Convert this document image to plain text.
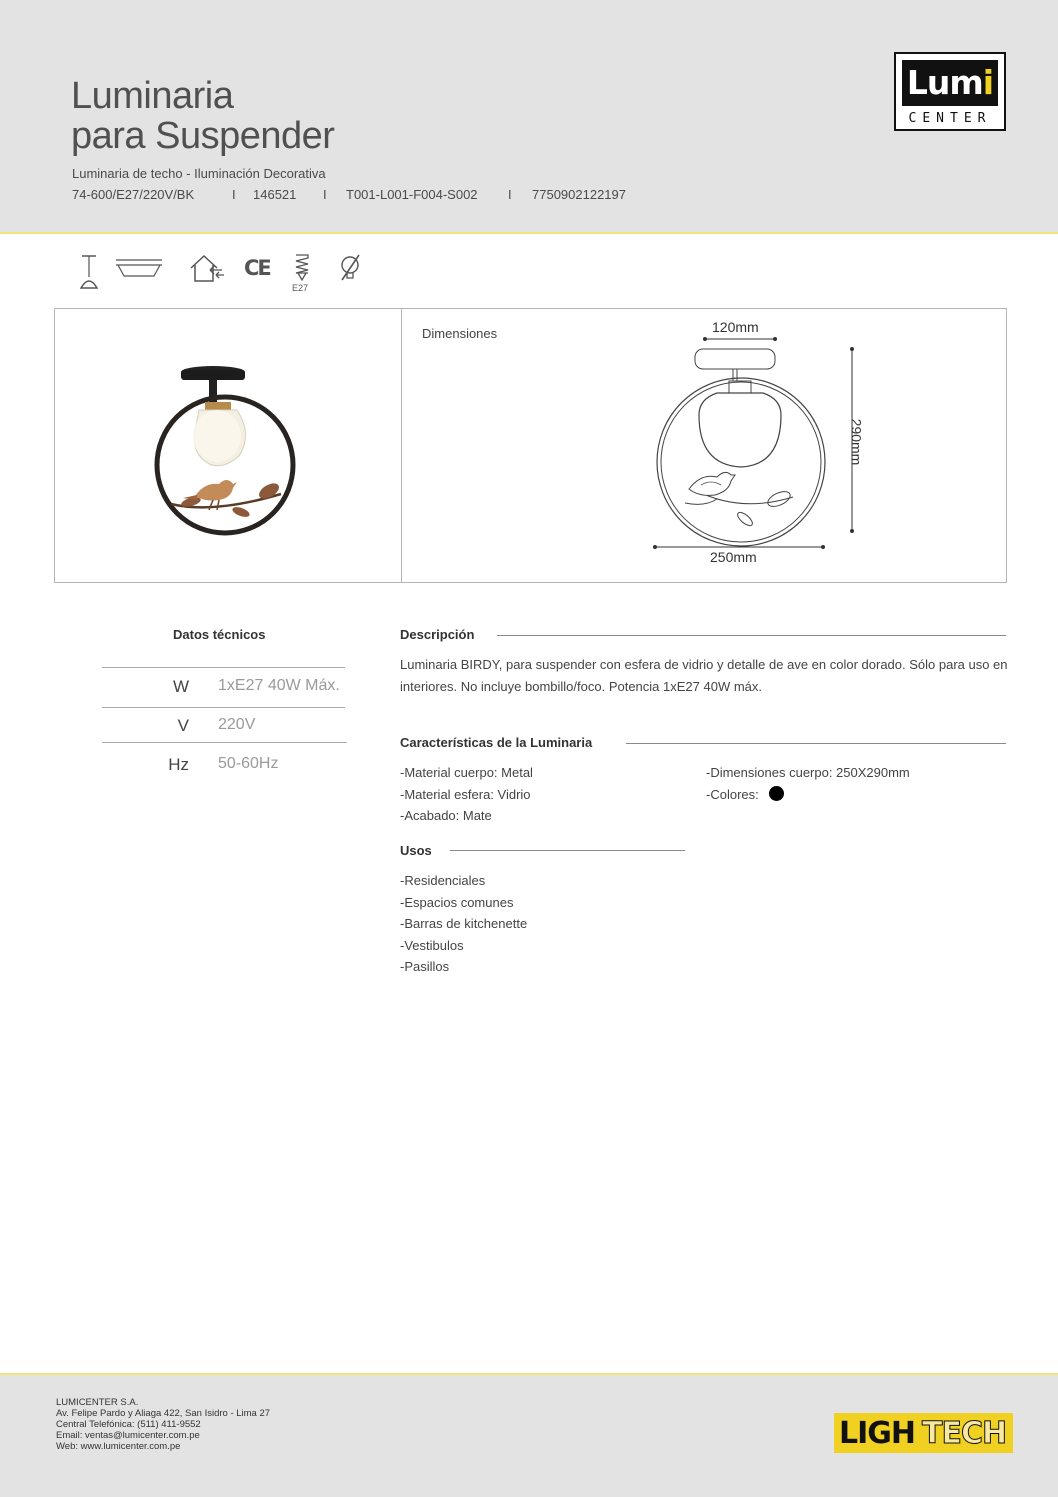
Luminaria
para Suspender
Luminaria de techo - Iluminación Decorativa
74-600/E27/220V/BK	I 146521 I T001-L001-F004-S002 I 7750902122197
Lumi
CENTER
CE
E27
Dimensiones	120mm
250mm
290mm
Datos técnicos
W 1xE27 40W Máx.
V 220V
Hz 50-60Hz
Descripción
Luminaria BIRDY, para suspender con esfera de vidrio y detalle de ave en color dorado. Sólo para uso en interiores. No incluye bombillo/foco. Potencia 1xE27 40W máx.
Características de la Luminaria
-Material cuerpo: Metal
-Material esfera: Vidrio
-Acabado: Mate
-Dimensiones cuerpo: 250X290mm
-Colores:
Usos
-Residenciales
-Espacios comunes
-Barras de kitchenette
-Vestibulos
-Pasillos
LUMICENTER S.A.
Av. Felipe Pardo y Aliaga 422, San Isidro - Lima 27
Central Telefónica: (511) 411-9552
Email: ventas@lumicenter.com.pe
Web: www.lumicenter.com.pe	LIGH TECH
